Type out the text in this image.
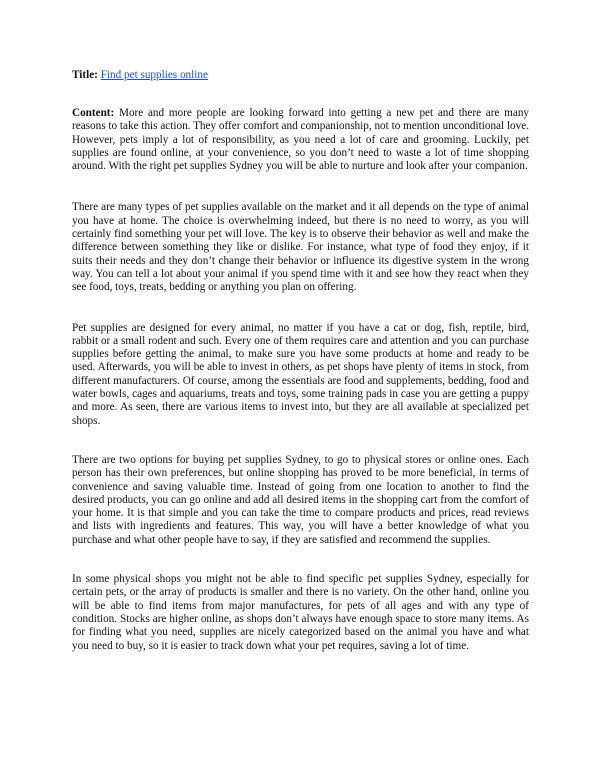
Title: Find pet supplies online

Content: More and more people are looking forward into getting a new pet and there are many reasons to take this action. They offer comfort and companionship, not to mention unconditional love. However, pets imply a lot of responsibility, as you need a lot of care and grooming. Luckily, pet supplies are found online, at your convenience, so you don’t need to waste a lot of time shopping around. With the right pet supplies Sydney you will be able to nurture and look after your companion.

There are many types of pet supplies available on the market and it all depends on the type of animal you have at home. The choice is overwhelming indeed, but there is no need to worry, as you will certainly find something your pet will love. The key is to observe their behavior as well and make the difference between something they like or dislike. For instance, what type of food they enjoy, if it suits their needs and they don’t change their behavior or influence its digestive system in the wrong way. You can tell a lot about your animal if you spend time with it and see how they react when they see food, toys, treats, bedding or anything you plan on offering.

Pet supplies are designed for every animal, no matter if you have a cat or dog, fish, reptile, bird, rabbit or a small rodent and such. Every one of them requires care and attention and you can purchase supplies before getting the animal, to make sure you have some products at home and ready to be used. Afterwards, you will be able to invest in others, as pet shops have plenty of items in stock, from different manufacturers. Of course, among the essentials are food and supplements, bedding, food and water bowls, cages and aquariums, treats and toys, some training pads in case you are getting a puppy and more. As seen, there are various items to invest into, but they are all available at specialized pet shops.

There are two options for buying pet supplies Sydney, to go to physical stores or online ones. Each person has their own preferences, but online shopping has proved to be more beneficial, in terms of convenience and saving valuable time. Instead of going from one location to another to find the desired products, you can go online and add all desired items in the shopping cart from the comfort of your home. It is that simple and you can take the time to compare products and prices, read reviews and lists with ingredients and features. This way, you will have a better knowledge of what you purchase and what other people have to say, if they are satisfied and recommend the supplies.

In some physical shops you might not be able to find specific pet supplies Sydney, especially for certain pets, or the array of products is smaller and there is no variety. On the other hand, online you will be able to find items from major manufactures, for pets of all ages and with any type of condition. Stocks are higher online, as shops don’t always have enough space to store many items. As for finding what you need, supplies are nicely categorized based on the animal you have and what you need to buy, so it is easier to track down what your pet requires, saving a lot of time.
